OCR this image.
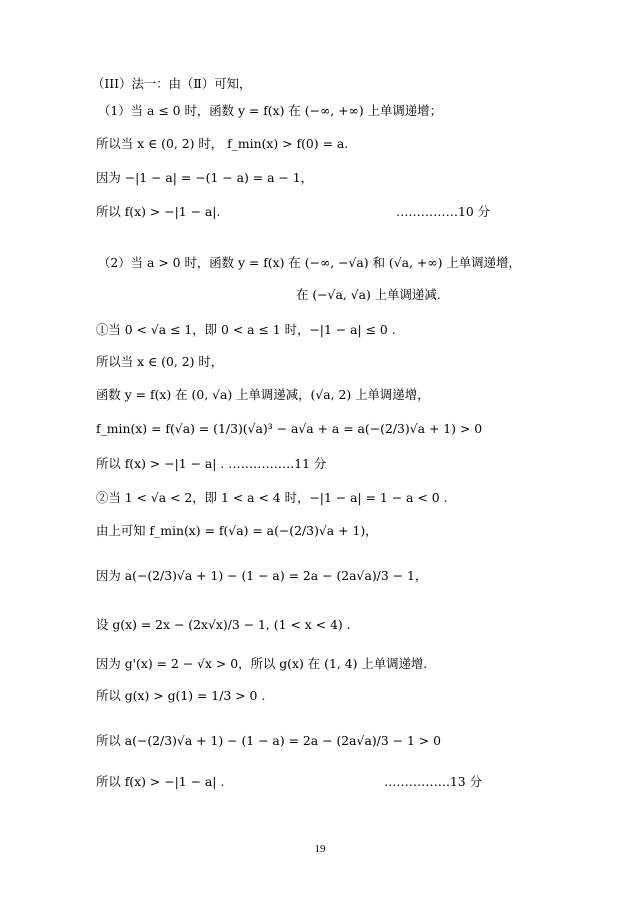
（III）法一：由（Ⅱ）可知，
（1）当 a ≤ 0 时，函数 y = f(x) 在 (−∞, +∞) 上单调递增；
所以当 x ∈ (0, 2) 时， f_min(x) > f(0) = a.
因为 −|1 − a| = −(1 − a) = a − 1，
所以 f(x) > −|1 − a|.	……………10 分
（2）当 a > 0 时，函数 y = f(x) 在 (−∞, −√a) 和 (√a, +∞) 上单调递增，
在 (−√a, √a) 上单调递减.
①当 0 < √a ≤ 1，即 0 < a ≤ 1 时，−|1 − a| ≤ 0 .
所以当 x ∈ (0, 2) 时，
函数 y = f(x) 在 (0, √a) 上单调递减，(√a, 2) 上单调递增，
f_min(x) = f(√a) = (1/3)(√a)³ − a√a + a = a(−(2/3)√a + 1) > 0
所以 f(x) > −|1 − a| . …………….11 分
②当 1 < √a < 2，即 1 < a < 4 时，−|1 − a| = 1 − a < 0 .
由上可知 f_min(x) = f(√a) = a(−(2/3)√a + 1)，
因为 a(−(2/3)√a + 1) − (1 − a) = 2a − (2a√a)/3 − 1，
设 g(x) = 2x − (2x√x)/3 − 1, (1 < x < 4) .
因为 g'(x) = 2 − √x > 0，所以 g(x) 在 (1, 4) 上单调递增.
所以 g(x) > g(1) = 1/3 > 0 .
所以 a(−(2/3)√a + 1) − (1 − a) = 2a − (2a√a)/3 − 1 > 0
所以 f(x) > −|1 − a| .	…………….13 分
19
